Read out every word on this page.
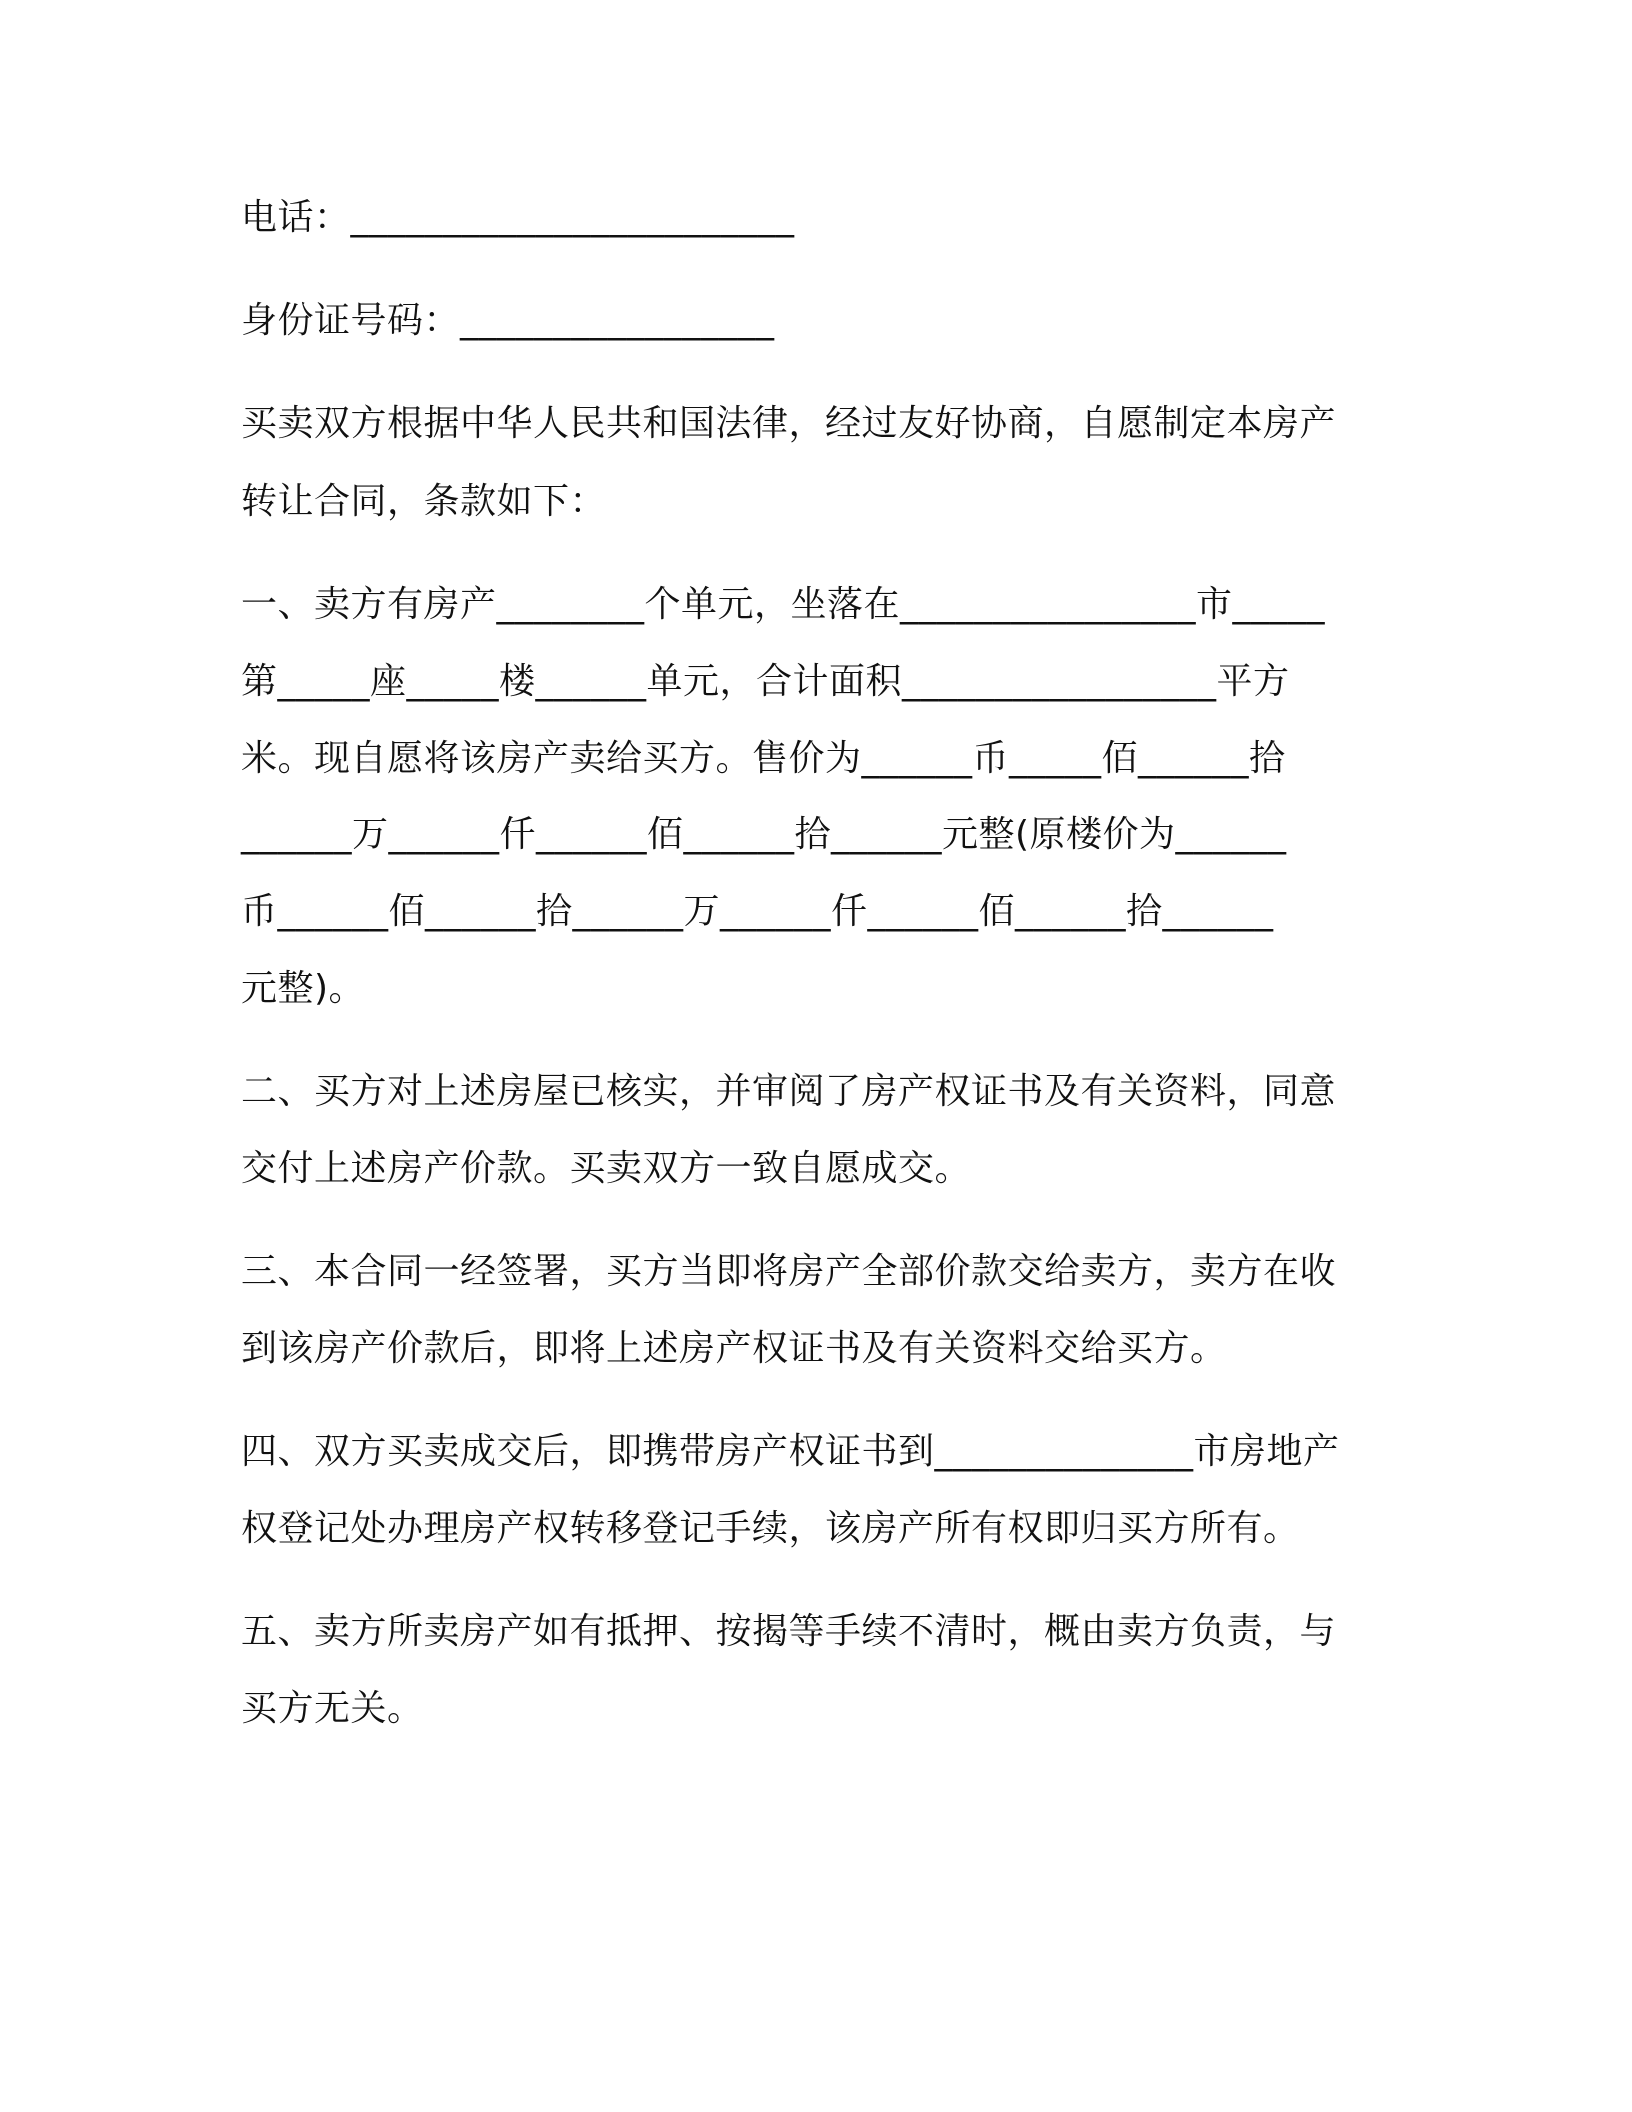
电话：________________________
身份证号码：_________________
买卖双方根据中华人民共和国法律，经过友好协商，自愿制定本房产
转让合同，条款如下：
一、卖方有房产________个单元，坐落在________________市_____
第_____座_____楼______单元，合计面积_________________平方
米。现自愿将该房产卖给买方。售价为______币_____佰______拾
______万______仟______佰______拾______元整(原楼价为______
币______佰______拾______万______仟______佰______拾______
元整)。
二、买方对上述房屋已核实，并审阅了房产权证书及有关资料，同意
交付上述房产价款。买卖双方一致自愿成交。
三、本合同一经签署，买方当即将房产全部价款交给卖方，卖方在收
到该房产价款后，即将上述房产权证书及有关资料交给买方。
四、双方买卖成交后，即携带房产权证书到______________市房地产
权登记处办理房产权转移登记手续，该房产所有权即归买方所有。
五、卖方所卖房产如有抵押、按揭等手续不清时，概由卖方负责，与
买方无关。
